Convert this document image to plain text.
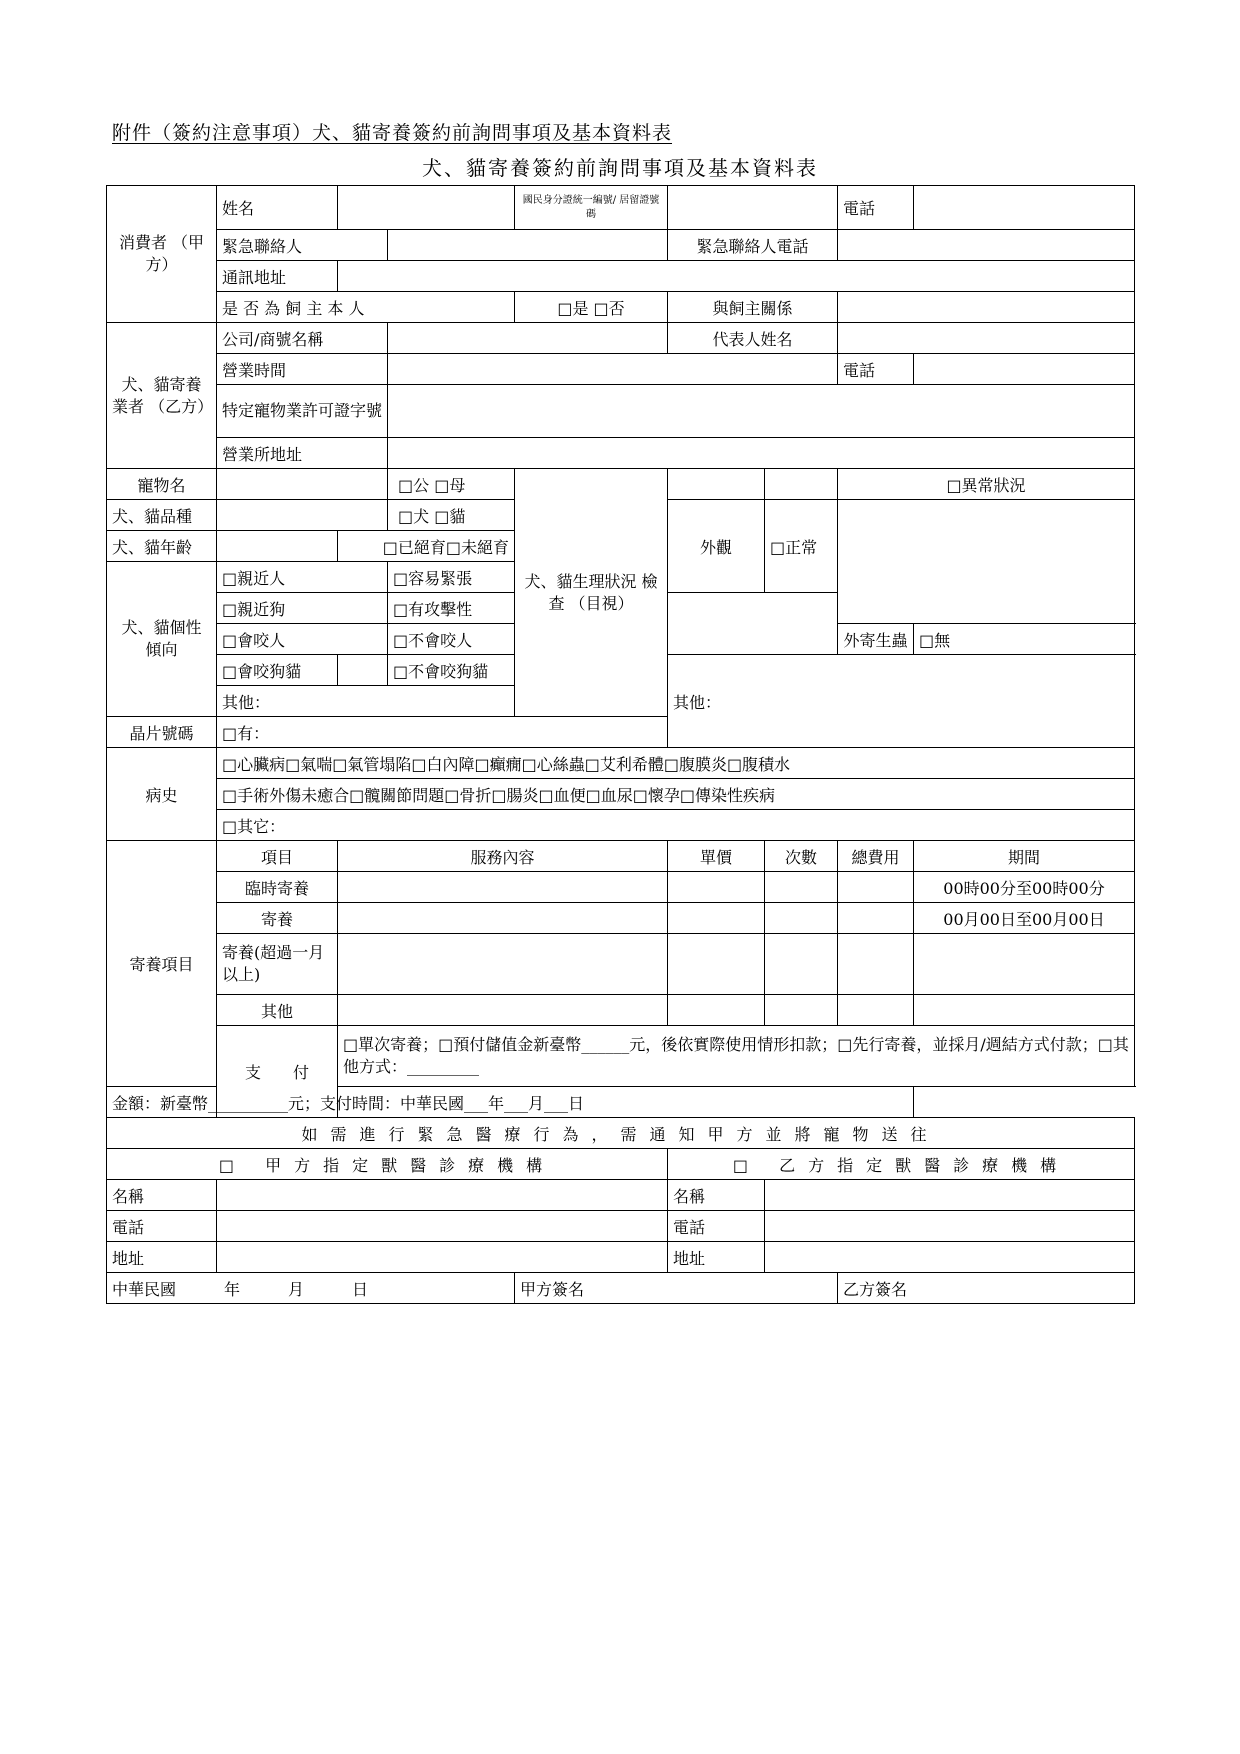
附件（簽約注意事項）犬、貓寄養簽約前詢問事項及基本資料表
犬、貓寄養簽約前詢問事項及基本資料表
消費者 （甲方）	姓名			國民身分證統一編號/ 居留證號碼			電話		
	緊急聯絡人				緊急聯絡人電話				
	通訊地址								
	是 否 為 飼 主 本 人			□是 □否	與飼主關係				
犬、貓寄養 業者 （乙方）	公司/商號名稱				代表人姓名				
	營業時間						電話		
	特定寵物業許可證字號								
	營業所地址								
寵物名			□公 □母	犬、貓生理狀況 檢查 （目視）			□異常狀況		
犬、貓品種			□犬 □貓		外觀	□正常			
犬、貓年齡		□已絕育□未絕育							
犬、貓個性 傾向	□親近人		□容易緊張						
	□親近狗		□有攻擊性						
	□會咬人		□不會咬人				外寄生蟲	□無	
	□會咬狗貓		□不會咬狗貓		其他：				
	其他：								
晶片號碼	□有：								
病史	□心臟病□氣喘□氣管塌陷□白內障□癲癇□心絲蟲□艾利希體□腹膜炎□腹積水								
	□手術外傷未癒合□髖關節問題□骨折□腸炎□血便□血尿□懷孕□傳染性疾病								
	□其它：								
寄養項目	項目	服務內容			單價	次數	總費用	期間	
	臨時寄養							00時00分至00時00分	
	寄養							00月00日至00月00日	
	寄養(超過一月以上)								
	其他								
	支　　付	□單次寄養；□預付儲值金新臺幣______元，後依實際使用情形扣款；□先行寄養，並採月/週結方式付款；□其他方式：_________							
金額：新臺幣__________元；支付時間：中華民國___年___月___日									
如需進行緊急醫療行為，需通知甲方並將寵物送往									
□ 甲方指定獸醫診療機構					□ 乙方指定獸醫診療機構				
名稱					名稱				
電話					電話				
地址					地址				
中華民國　　　年　　　月　　　日				甲方簽名			乙方簽名		
